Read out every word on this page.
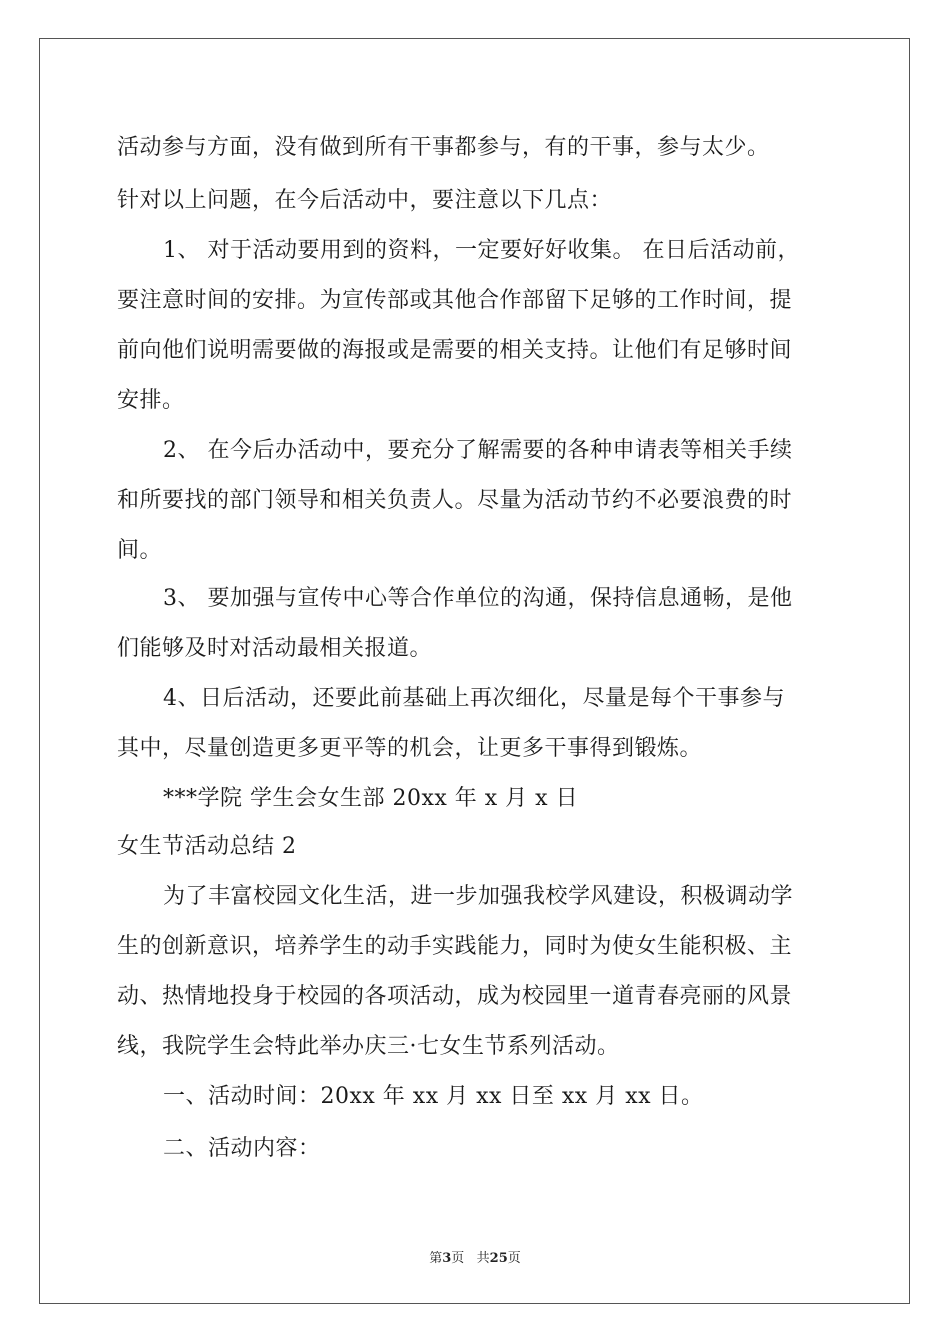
活动参与方面，没有做到所有干事都参与，有的干事，参与太少。
针对以上问题，在今后活动中，要注意以下几点：
1、 对于活动要用到的资料，一定要好好收集。 在日后活动前，
要注意时间的安排。为宣传部或其他合作部留下足够的工作时间，提
前向他们说明需要做的海报或是需要的相关支持。让他们有足够时间
安排。
2、 在今后办活动中，要充分了解需要的各种申请表等相关手续
和所要找的部门领导和相关负责人。尽量为活动节约不必要浪费的时
间。
3、 要加强与宣传中心等合作单位的沟通，保持信息通畅，是他
们能够及时对活动最相关报道。
4、日后活动，还要此前基础上再次细化，尽量是每个干事参与
其中，尽量创造更多更平等的机会，让更多干事得到锻炼。
***学院 学生会女生部 20xx 年 x 月 x 日
女生节活动总结 2
为了丰富校园文化生活，进一步加强我校学风建设，积极调动学
生的创新意识，培养学生的动手实践能力，同时为使女生能积极、主
动、热情地投身于校园的各项活动，成为校园里一道青春亮丽的风景
线，我院学生会特此举办庆三·七女生节系列活动。
一、活动时间：20xx 年 xx 月 xx 日至 xx 月 xx 日。
二、活动内容：
第3页   共25页
